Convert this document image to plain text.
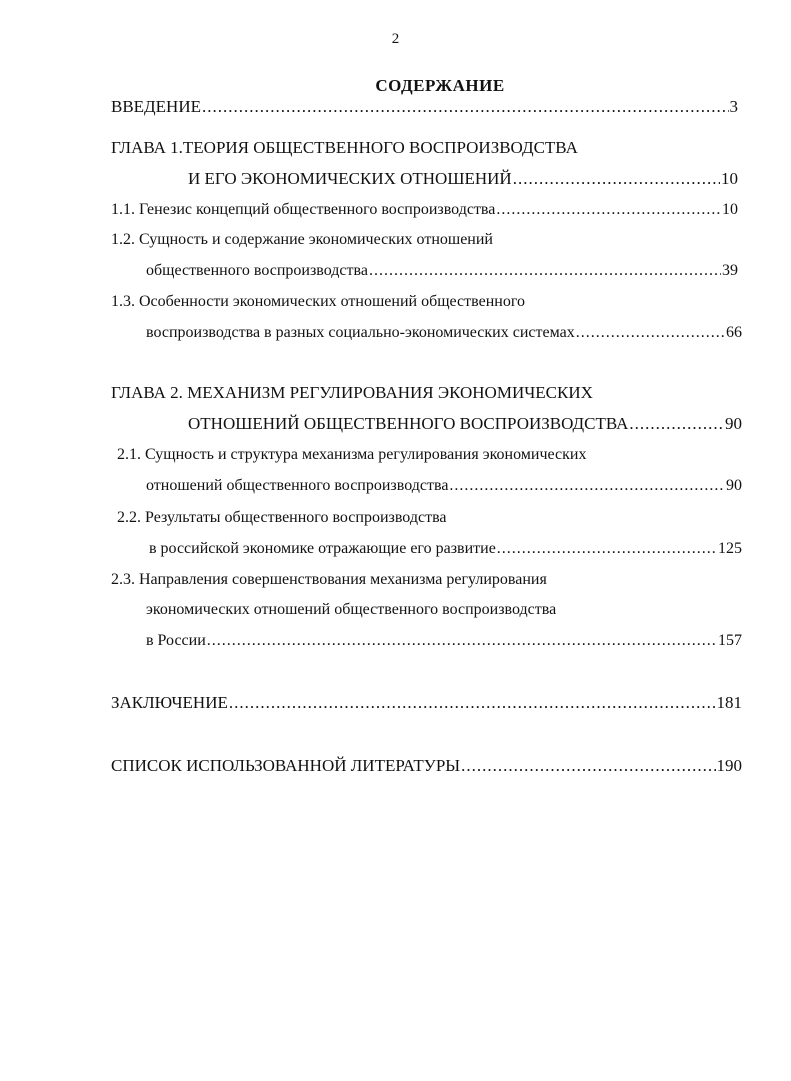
2
СОДЕРЖАНИЕ
ВВЕДЕНИЕ .....	3
ГЛАВА 1.ТЕОРИЯ ОБЩЕСТВЕННОГО ВОСПРОИЗВОДСТВА
И ЕГО ЭКОНОМИЧЕСКИХ ОТНОШЕНИЙ .....	10
1.1. Генезис концепций общественного воспроизводства .....	10
1.2. Сущность и содержание экономических отношений
общественного воспроизводства .....	39
1.3. Особенности экономических отношений общественного
воспроизводства в разных социально-экономических системах .....	66
ГЛАВА 2. МЕХАНИЗМ РЕГУЛИРОВАНИЯ ЭКОНОМИЧЕСКИХ
ОТНОШЕНИЙ ОБЩЕСТВЕННОГО ВОСПРОИЗВОДСТВА .....	90
2.1. Сущность и структура механизма регулирования экономических
отношений общественного воспроизводства .....	90
2.2. Результаты общественного воспроизводства
в российской экономике отражающие его развитие .....	125
2.3. Направления совершенствования механизма регулирования
экономических отношений общественного воспроизводства
в России .....	157
ЗАКЛЮЧЕНИЕ .....	181
СПИСОК ИСПОЛЬЗОВАННОЙ ЛИТЕРАТУРЫ .....	190
